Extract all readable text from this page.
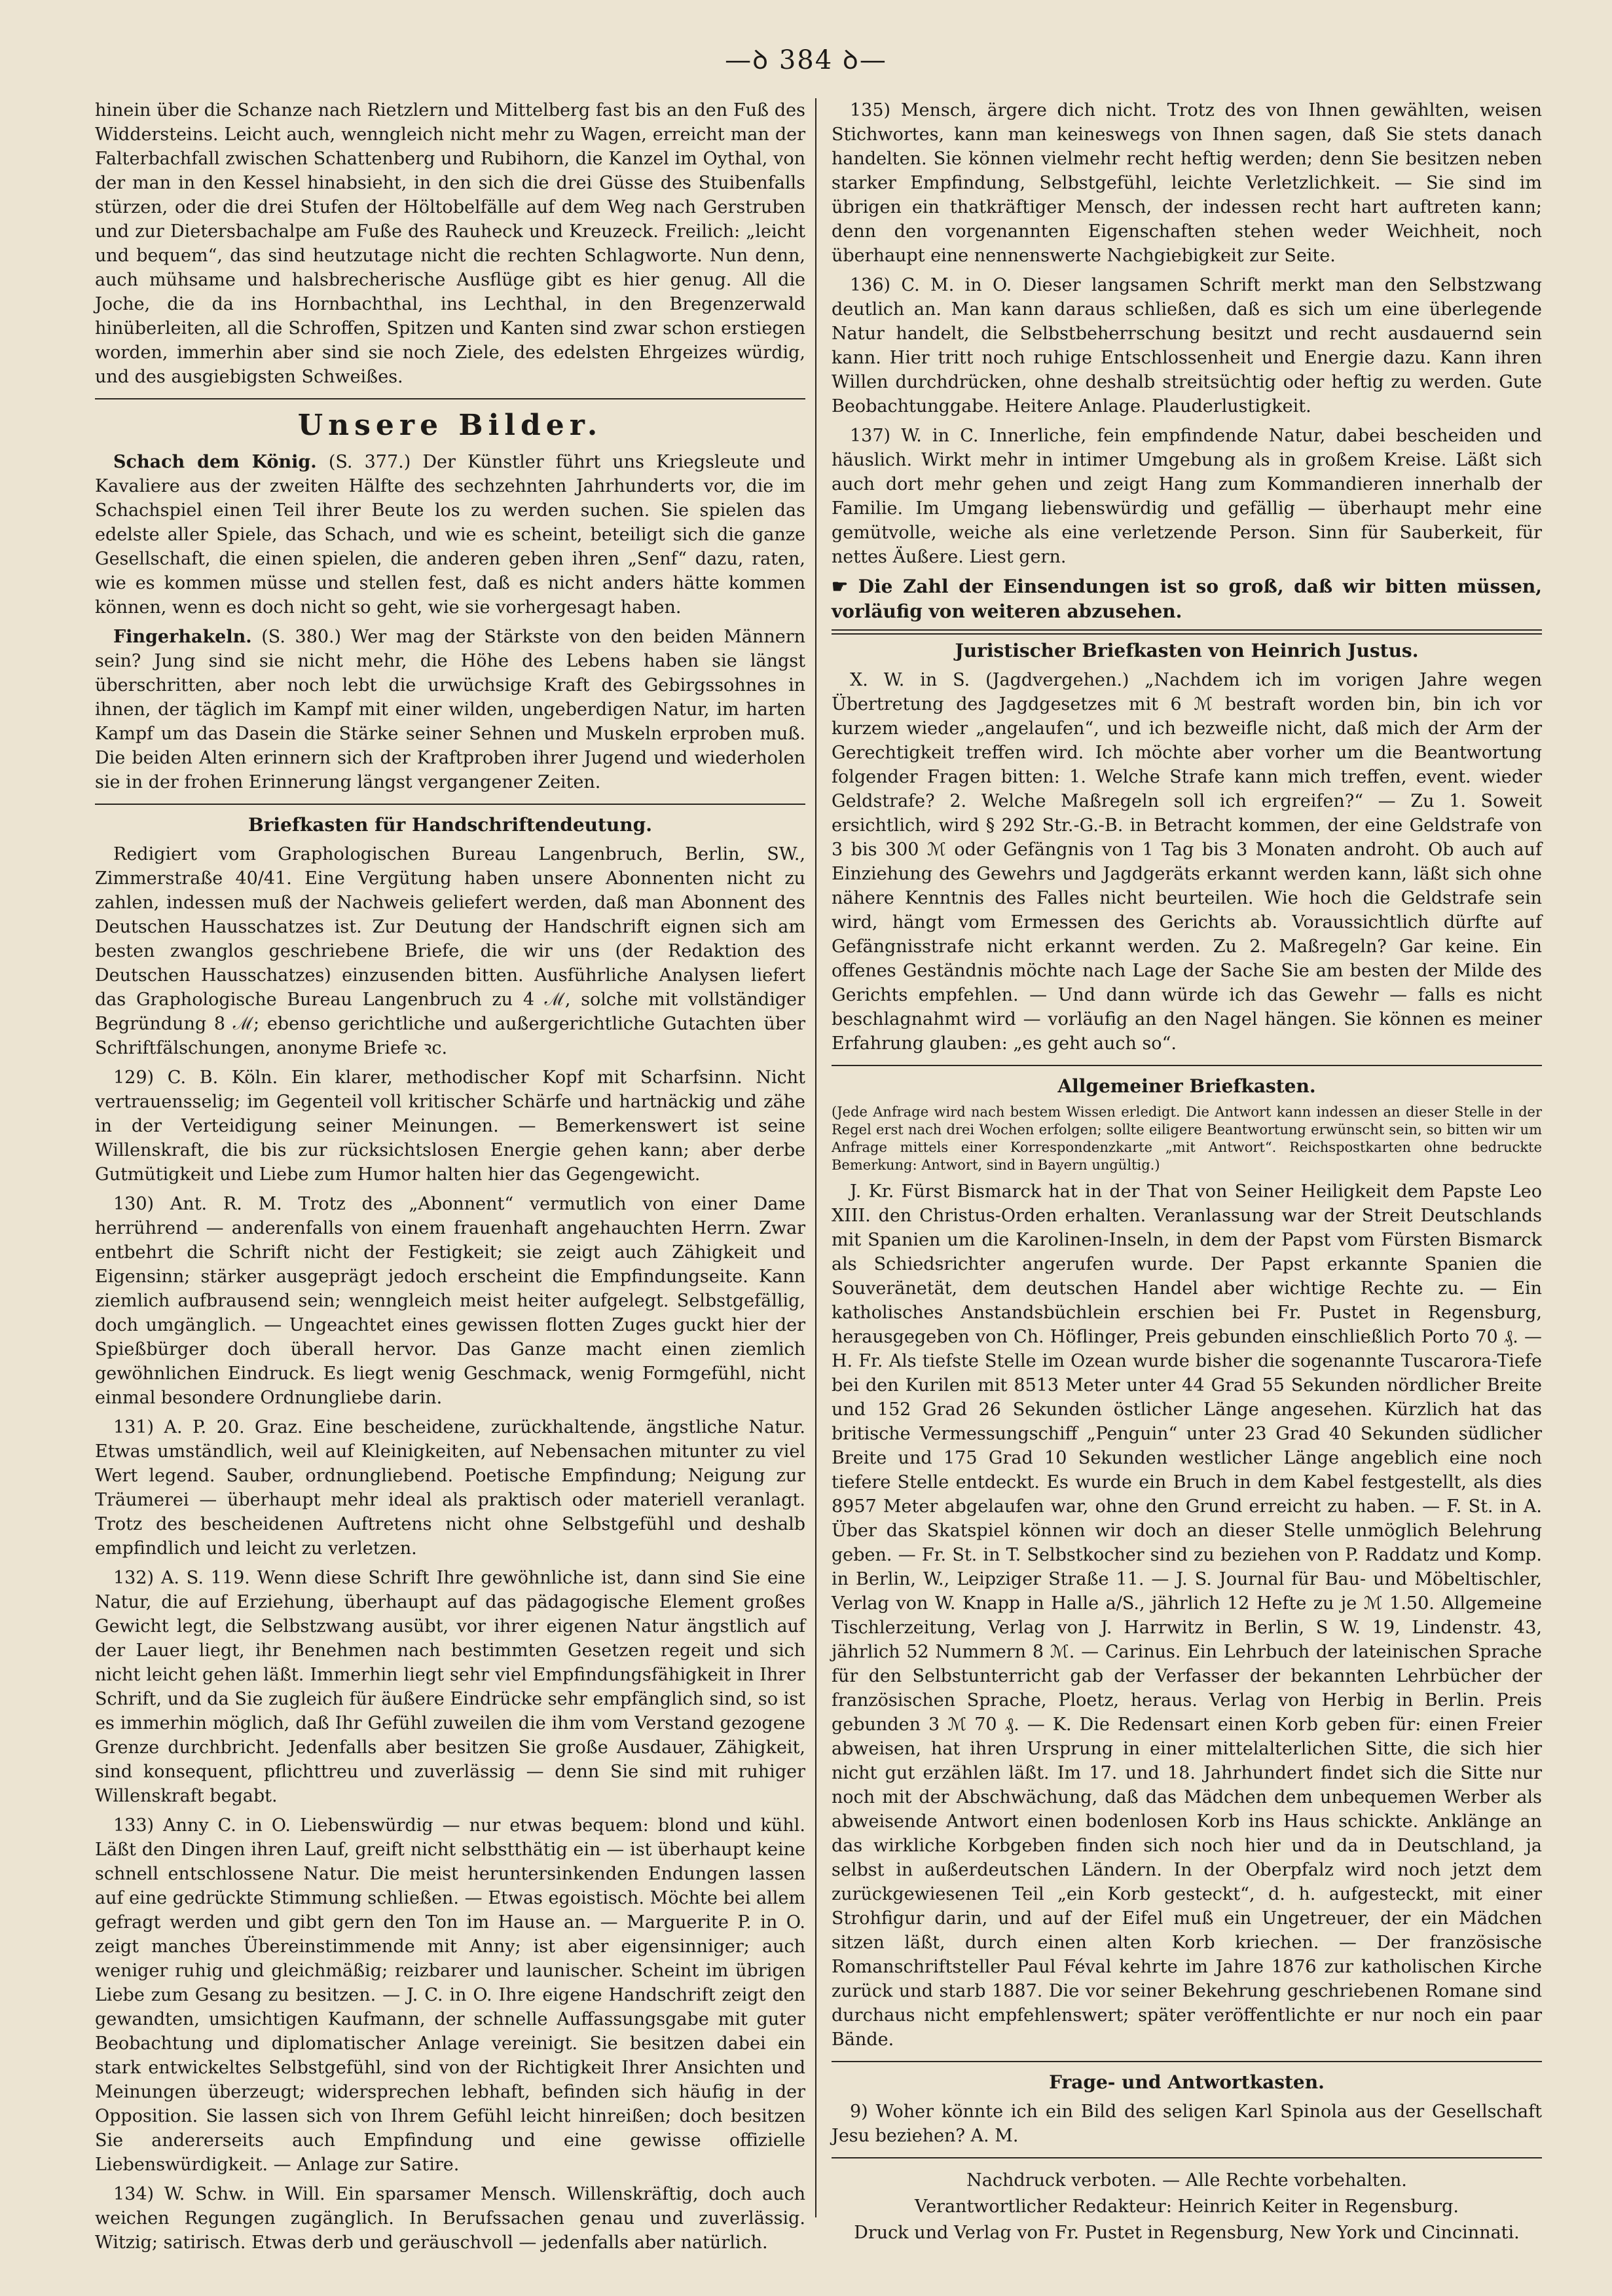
—ꝺ 384 ꝺ—

hinein über die Schanze nach Rietzlern und Mittelberg fast bis an den Fuß des Widdersteins. Leicht auch, wenngleich nicht mehr zu Wagen, erreicht man der Falterbachfall zwischen Schattenberg und Rubihorn, die Kanzel im Oythal, von der man in den Kessel hinabsieht, in den sich die drei Güsse des Stuibenfalls stürzen, oder die drei Stufen der Höltobelfälle auf dem Weg nach Gerstruben und zur Dietersbachalpe am Fuße des Rauheck und Kreuzeck. Freilich: „leicht und bequem“, das sind heutzutage nicht die rechten Schlagworte. Nun denn, auch mühsame und halsbrecherische Ausflüge gibt es hier genug. All die Joche, die da ins Hornbachthal, ins Lechthal, in den Bregenzerwald hinüberleiten, all die Schroffen, Spitzen und Kanten sind zwar schon erstiegen worden, immerhin aber sind sie noch Ziele, des edelsten Ehrgeizes würdig, und des ausgiebigsten Schweißes.

Unsere Bilder.

Schach dem König. (S. 377.) Der Künstler führt uns Kriegsleute und Kavaliere aus der zweiten Hälfte des sechzehnten Jahrhunderts vor, die im Schachspiel einen Teil ihrer Beute los zu werden suchen. Sie spielen das edelste aller Spiele, das Schach, und wie es scheint, beteiligt sich die ganze Gesellschaft, die einen spielen, die anderen geben ihren „Senf“ dazu, raten, wie es kommen müsse und stellen fest, daß es nicht anders hätte kommen können, wenn es doch nicht so geht, wie sie vorhergesagt haben.

Fingerhakeln. (S. 380.) Wer mag der Stärkste von den beiden Männern sein? Jung sind sie nicht mehr, die Höhe des Lebens haben sie längst überschritten, aber noch lebt die urwüchsige Kraft des Gebirgssohnes in ihnen, der täglich im Kampf mit einer wilden, ungeberdigen Natur, im harten Kampf um das Dasein die Stärke seiner Sehnen und Muskeln erproben muß. Die beiden Alten erinnern sich der Kraftproben ihrer Jugend und wiederholen sie in der frohen Erinnerung längst vergangener Zeiten.

Briefkasten für Handschriftendeutung.

Redigiert vom Graphologischen Bureau Langenbruch, Berlin, SW., Zimmerstraße 40/41. Eine Vergütung haben unsere Abonnenten nicht zu zahlen, indessen muß der Nachweis geliefert werden, daß man Abonnent des Deutschen Hausschatzes ist. Zur Deutung der Handschrift eignen sich am besten zwanglos geschriebene Briefe, die wir uns (der Redaktion des Deutschen Hausschatzes) einzusenden bitten. Ausführliche Analysen liefert das Graphologische Bureau Langenbruch zu 4 ℳ, solche mit vollständiger Begründung 8 ℳ; ebenso gerichtliche und außergerichtliche Gutachten über Schriftfälschungen, anonyme Briefe ꝛc.

129) C. B. Köln. Ein klarer, methodischer Kopf mit Scharfsinn. Nicht vertrauensselig; im Gegenteil voll kritischer Schärfe und hartnäckig und zähe in der Verteidigung seiner Meinungen. — Bemerkenswert ist seine Willenskraft, die bis zur rücksichtslosen Energie gehen kann; aber derbe Gutmütigkeit und Liebe zum Humor halten hier das Gegengewicht.

130) Ant. R. M. Trotz des „Abonnent“ vermutlich von einer Dame herrührend — anderenfalls von einem frauenhaft angehauchten Herrn. Zwar entbehrt die Schrift nicht der Festigkeit; sie zeigt auch Zähigkeit und Eigensinn; stärker ausgeprägt jedoch erscheint die Empfindungseite. Kann ziemlich aufbrausend sein; wenngleich meist heiter aufgelegt. Selbstgefällig, doch umgänglich. — Ungeachtet eines gewissen flotten Zuges guckt hier der Spießbürger doch überall hervor. Das Ganze macht einen ziemlich gewöhnlichen Eindruck. Es liegt wenig Geschmack, wenig Formgefühl, nicht einmal besondere Ordnungliebe darin.

131) A. P. 20. Graz. Eine bescheidene, zurückhaltende, ängstliche Natur. Etwas umständlich, weil auf Kleinigkeiten, auf Nebensachen mitunter zu viel Wert legend. Sauber, ordnungliebend. Poetische Empfindung; Neigung zur Träumerei — überhaupt mehr ideal als praktisch oder materiell veranlagt. Trotz des bescheidenen Auftretens nicht ohne Selbstgefühl und deshalb empfindlich und leicht zu verletzen.

132) A. S. 119. Wenn diese Schrift Ihre gewöhnliche ist, dann sind Sie eine Natur, die auf Erziehung, überhaupt auf das pädagogische Element großes Gewicht legt, die Selbstzwang ausübt, vor ihrer eigenen Natur ängstlich auf der Lauer liegt, ihr Benehmen nach bestimmten Gesetzen regeit und sich nicht leicht gehen läßt. Immerhin liegt sehr viel Empfindungsfähigkeit in Ihrer Schrift, und da Sie zugleich für äußere Eindrücke sehr empfänglich sind, so ist es immerhin möglich, daß Ihr Gefühl zuweilen die ihm vom Verstand gezogene Grenze durchbricht. Jedenfalls aber besitzen Sie große Ausdauer, Zähigkeit, sind konsequent, pflichttreu und zuverlässig — denn Sie sind mit ruhiger Willenskraft begabt.

133) Anny C. in O. Liebenswürdig — nur etwas bequem: blond und kühl. Läßt den Dingen ihren Lauf, greift nicht selbstthätig ein — ist überhaupt keine schnell entschlossene Natur. Die meist heruntersinkenden Endungen lassen auf eine gedrückte Stimmung schließen. — Etwas egoistisch. Möchte bei allem gefragt werden und gibt gern den Ton im Hause an. — Marguerite P. in O. zeigt manches Übereinstimmende mit Anny; ist aber eigensinniger; auch weniger ruhig und gleichmäßig; reizbarer und launischer. Scheint im übrigen Liebe zum Gesang zu besitzen. — J. C. in O. Ihre eigene Handschrift zeigt den gewandten, umsichtigen Kaufmann, der schnelle Auffassungsgabe mit guter Beobachtung und diplomatischer Anlage vereinigt. Sie besitzen dabei ein stark entwickeltes Selbstgefühl, sind von der Richtigkeit Ihrer Ansichten und Meinungen überzeugt; widersprechen lebhaft, befinden sich häufig in der Opposition. Sie lassen sich von Ihrem Gefühl leicht hinreißen; doch besitzen Sie andererseits auch Empfindung und eine gewisse offizielle Liebenswürdigkeit. — Anlage zur Satire.

134) W. Schw. in Will. Ein sparsamer Mensch. Willenskräftig, doch auch weichen Regungen zugänglich. In Berufssachen genau und zuverlässig. Witzig; satirisch. Etwas derb und geräuschvoll — jedenfalls aber natürlich.

135) Mensch, ärgere dich nicht. Trotz des von Ihnen gewählten, weisen Stichwortes, kann man keineswegs von Ihnen sagen, daß Sie stets danach handelten. Sie können vielmehr recht heftig werden; denn Sie besitzen neben starker Empfindung, Selbstgefühl, leichte Verletzlichkeit. — Sie sind im übrigen ein thatkräftiger Mensch, der indessen recht hart auftreten kann; denn den vorgenannten Eigenschaften stehen weder Weichheit, noch überhaupt eine nennenswerte Nachgiebigkeit zur Seite.

136) C. M. in O. Dieser langsamen Schrift merkt man den Selbstzwang deutlich an. Man kann daraus schließen, daß es sich um eine überlegende Natur handelt, die Selbstbeherrschung besitzt und recht ausdauernd sein kann. Hier tritt noch ruhige Entschlossenheit und Energie dazu. Kann ihren Willen durchdrücken, ohne deshalb streitsüchtig oder heftig zu werden. Gute Beobachtunggabe. Heitere Anlage. Plauderlustigkeit.

137) W. in C. Innerliche, fein empfindende Natur, dabei bescheiden und häuslich. Wirkt mehr in intimer Umgebung als in großem Kreise. Läßt sich auch dort mehr gehen und zeigt Hang zum Kommandieren innerhalb der Familie. Im Umgang liebenswürdig und gefällig — überhaupt mehr eine gemütvolle, weiche als eine verletzende Person. Sinn für Sauberkeit, für nettes Äußere. Liest gern.

☛ Die Zahl der Einsendungen ist so groß, daß wir bitten müssen, vorläufig von weiteren abzusehen.

Juristischer Briefkasten von Heinrich Justus.

X. W. in S. (Jagdvergehen.) „Nachdem ich im vorigen Jahre wegen Übertretung des Jagdgesetzes mit 6 ℳ bestraft worden bin, bin ich vor kurzem wieder „angelaufen“, und ich bezweifle nicht, daß mich der Arm der Gerechtigkeit treffen wird. Ich möchte aber vorher um die Beantwortung folgender Fragen bitten: 1. Welche Strafe kann mich treffen, event. wieder Geldstrafe? 2. Welche Maßregeln soll ich ergreifen?“ — Zu 1. Soweit ersichtlich, wird § 292 Str.-G.-B. in Betracht kommen, der eine Geldstrafe von 3 bis 300 ℳ oder Gefängnis von 1 Tag bis 3 Monaten androht. Ob auch auf Einziehung des Gewehrs und Jagdgeräts erkannt werden kann, läßt sich ohne nähere Kenntnis des Falles nicht beurteilen. Wie hoch die Geldstrafe sein wird, hängt vom Ermessen des Gerichts ab. Voraussichtlich dürfte auf Gefängnisstrafe nicht erkannt werden. Zu 2. Maßregeln? Gar keine. Ein offenes Geständnis möchte nach Lage der Sache Sie am besten der Milde des Gerichts empfehlen. — Und dann würde ich das Gewehr — falls es nicht beschlagnahmt wird — vorläufig an den Nagel hängen. Sie können es meiner Erfahrung glauben: „es geht auch so“.

Allgemeiner Briefkasten.

(Jede Anfrage wird nach bestem Wissen erledigt. Die Antwort kann indessen an dieser Stelle in der Regel erst nach drei Wochen erfolgen; sollte eiligere Beantwortung erwünscht sein, so bitten wir um Anfrage mittels einer Korrespondenzkarte „mit Antwort“. Reichspostkarten ohne bedruckte Bemerkung: Antwort, sind in Bayern ungültig.)

J. Kr. Fürst Bismarck hat in der That von Seiner Heiligkeit dem Papste Leo XIII. den Christus-Orden erhalten. Veranlassung war der Streit Deutschlands mit Spanien um die Karolinen-Inseln, in dem der Papst vom Fürsten Bismarck als Schiedsrichter angerufen wurde. Der Papst erkannte Spanien die Souveränetät, dem deutschen Handel aber wichtige Rechte zu. — Ein katholisches Anstandsbüchlein erschien bei Fr. Pustet in Regensburg, herausgegeben von Ch. Höflinger, Preis gebunden einschließlich Porto 70 ₰. — H. Fr. Als tiefste Stelle im Ozean wurde bisher die sogenannte Tuscarora-Tiefe bei den Kurilen mit 8513 Meter unter 44 Grad 55 Sekunden nördlicher Breite und 152 Grad 26 Sekunden östlicher Länge angesehen. Kürzlich hat das britische Vermessungschiff „Penguin“ unter 23 Grad 40 Sekunden südlicher Breite und 175 Grad 10 Sekunden westlicher Länge angeblich eine noch tiefere Stelle entdeckt. Es wurde ein Bruch in dem Kabel festgestellt, als dies 8957 Meter abgelaufen war, ohne den Grund erreicht zu haben. — F. St. in A. Über das Skatspiel können wir doch an dieser Stelle unmöglich Belehrung geben. — Fr. St. in T. Selbstkocher sind zu beziehen von P. Raddatz und Komp. in Berlin, W., Leipziger Straße 11. — J. S. Journal für Bau- und Möbeltischler, Verlag von W. Knapp in Halle a/S., jährlich 12 Hefte zu je ℳ 1.50. Allgemeine Tischlerzeitung, Verlag von J. Harrwitz in Berlin, S W. 19, Lindenstr. 43, jährlich 52 Nummern 8 ℳ. — Carinus. Ein Lehrbuch der lateinischen Sprache für den Selbstunterricht gab der Verfasser der bekannten Lehrbücher der französischen Sprache, Ploetz, heraus. Verlag von Herbig in Berlin. Preis gebunden 3 ℳ 70 ₰. — K. Die Redensart einen Korb geben für: einen Freier abweisen, hat ihren Ursprung in einer mittelalterlichen Sitte, die sich hier nicht gut erzählen läßt. Im 17. und 18. Jahrhundert findet sich die Sitte nur noch mit der Abschwächung, daß das Mädchen dem unbequemen Werber als abweisende Antwort einen bodenlosen Korb ins Haus schickte. Anklänge an das wirkliche Korbgeben finden sich noch hier und da in Deutschland, ja selbst in außerdeutschen Ländern. In der Oberpfalz wird noch jetzt dem zurückgewiesenen Teil „ein Korb gesteckt“, d. h. aufgesteckt, mit einer Strohfigur darin, und auf der Eifel muß ein Ungetreuer, der ein Mädchen sitzen läßt, durch einen alten Korb kriechen. — Der französische Romanschriftsteller Paul Féval kehrte im Jahre 1876 zur katholischen Kirche zurück und starb 1887. Die vor seiner Bekehrung geschriebenen Romane sind durchaus nicht empfehlenswert; später veröffentlichte er nur noch ein paar Bände.

Frage- und Antwortkasten.

9) Woher könnte ich ein Bild des seligen Karl Spinola aus der Gesellschaft Jesu beziehen? A. M.

Nachdruck verboten. — Alle Rechte vorbehalten.
Verantwortlicher Redakteur: Heinrich Keiter in Regensburg.
Druck und Verlag von Fr. Pustet in Regensburg, New York und Cincinnati.
